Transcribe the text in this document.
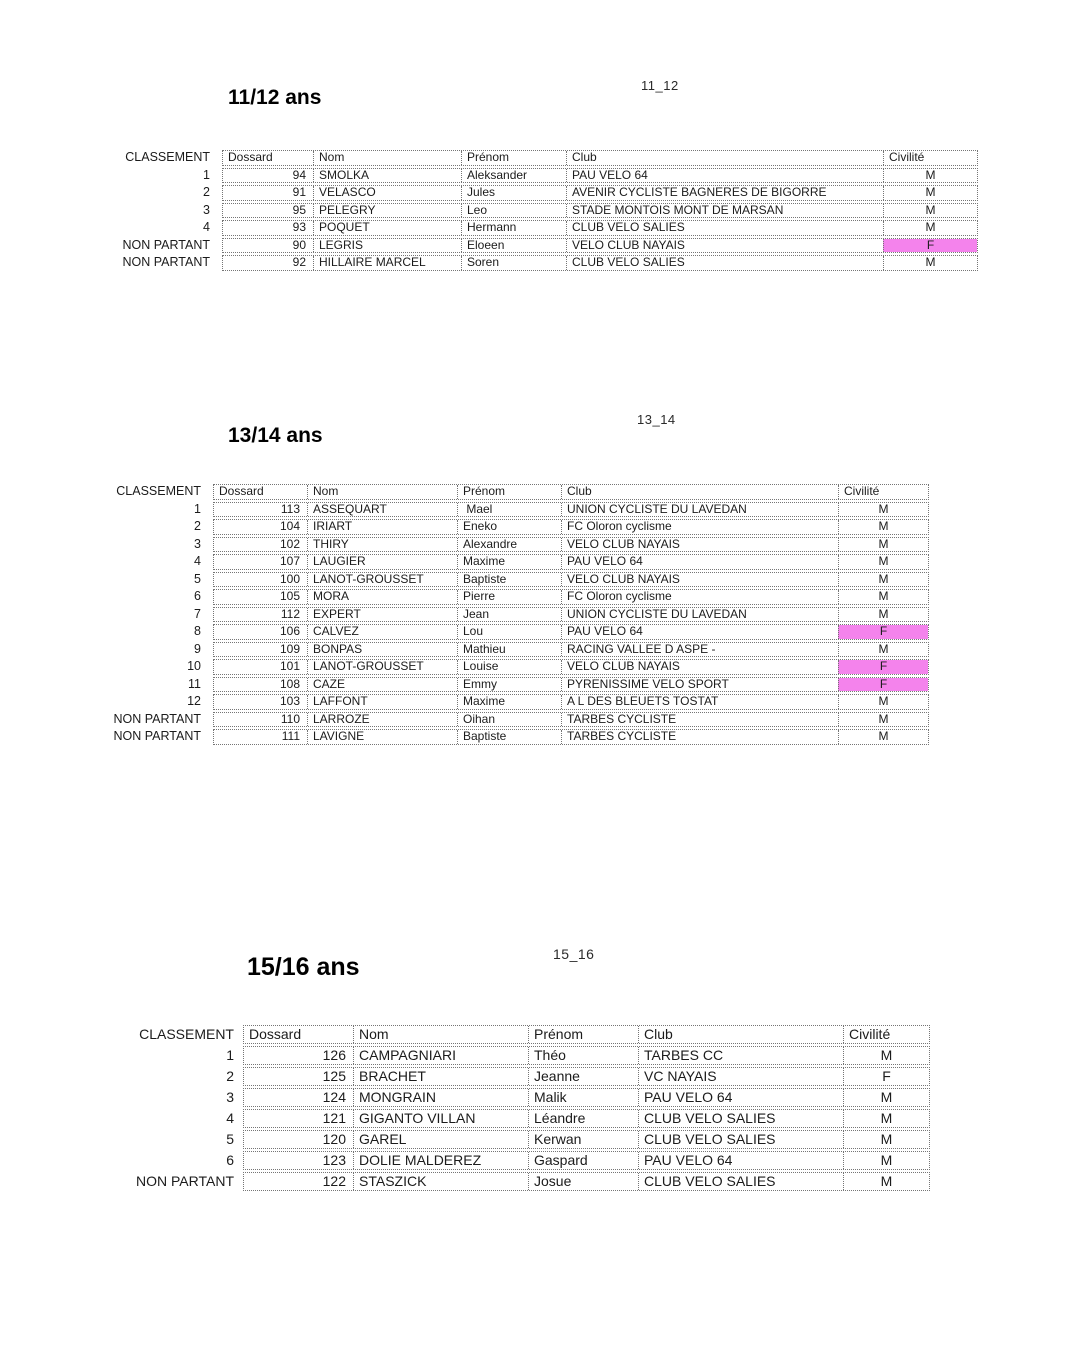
11_12
11/12 ans
CLASSEMENT	Dossard	Nom	Prénom	Club	Civilité
1	94	SMOLKA	Aleksander	PAU VELO 64	M
2	91	VELASCO	Jules	AVENIR CYCLISTE BAGNERES DE BIGORRE	M
3	95	PELEGRY	Leo	STADE MONTOIS MONT DE MARSAN	M
4	93	POQUET	Hermann	CLUB VELO SALIES	M
NON PARTANT	90	LEGRIS	Eloeen	VELO CLUB NAYAIS	F
NON PARTANT	92	HILLAIRE MARCEL	Soren	CLUB VELO SALIES	M
13_14
13/14 ans
CLASSEMENT	Dossard	Nom	Prénom	Club	Civilité
1	113	ASSEQUART	Mael	UNION CYCLISTE DU LAVEDAN	M
2	104	IRIART	Eneko	FC Oloron cyclisme	M
3	102	THIRY	Alexandre	VELO CLUB NAYAIS	M
4	107	LAUGIER	Maxime	PAU VELO 64	M
5	100	LANOT-GROUSSET	Baptiste	VELO CLUB NAYAIS	M
6	105	MORA	Pierre	FC Oloron cyclisme	M
7	112	EXPERT	Jean	UNION CYCLISTE DU LAVEDAN	M
8	106	CALVEZ	Lou	PAU VELO 64	F
9	109	BONPAS	Mathieu	RACING VALLEE D ASPE -	M
10	101	LANOT-GROUSSET	Louise	VELO CLUB NAYAIS	F
11	108	CAZE	Emmy	PYRENISSIME VELO SPORT	F
12	103	LAFFONT	Maxime	A L DES BLEUETS TOSTAT	M
NON PARTANT	110	LARROZE	Oihan	TARBES CYCLISTE	M
NON PARTANT	111	LAVIGNE	Baptiste	TARBES CYCLISTE	M
15_16
15/16 ans
CLASSEMENT	Dossard	Nom	Prénom	Club	Civilité
1	126 CAMPAGNIARI	Théo	TARBES CC	M
2	125 BRACHET	Jeanne	VC NAYAIS	F
3	124 MONGRAIN	Malik	PAU VELO 64	M
4	121 GIGANTO VILLAN	Léandre	CLUB VELO SALIES	M
5	120 GAREL	Kerwan	CLUB VELO SALIES	M
6	123 DOLIE MALDEREZ	Gaspard	PAU VELO 64	M
NON PARTANT	122 STASZICK	Josue	CLUB VELO SALIES	M
